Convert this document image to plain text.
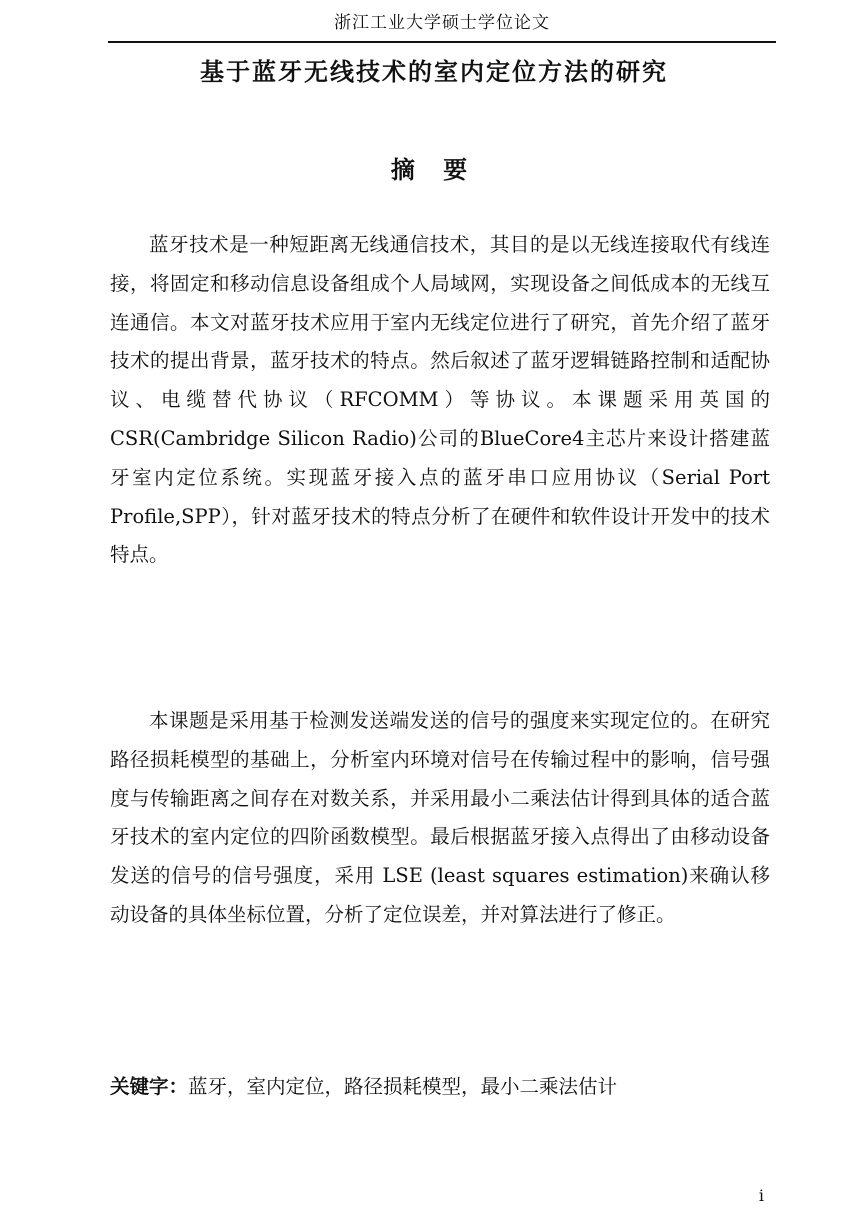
浙江工业大学硕士学位论文
基于蓝牙无线技术的室内定位方法的研究
摘 要

蓝牙技术是一种短距离无线通信技术，其目的是以无线连接取代有线连接，将固定和移动信息设备组成个人局域网，实现设备之间低成本的无线互连通信。本文对蓝牙技术应用于室内无线定位进行了研究，首先介绍了蓝牙技术的提出背景，蓝牙技术的特点。然后叙述了蓝牙逻辑链路控制和适配协议、电缆替代协议（RFCOMM）等协议。本课题采用英国的CSR(Cambridge Silicon Radio)公司的BlueCore4主芯片来设计搭建蓝牙室内定位系统。实现蓝牙接入点的蓝牙串口应用协议（Serial Port Profile,SPP），针对蓝牙技术的特点分析了在硬件和软件设计开发中的技术特点。

本课题是采用基于检测发送端发送的信号的强度来实现定位的。在研究路径损耗模型的基础上，分析室内环境对信号在传输过程中的影响，信号强度与传输距离之间存在对数关系，并采用最小二乘法估计得到具体的适合蓝牙技术的室内定位的四阶函数模型。最后根据蓝牙接入点得出了由移动设备发送的信号的信号强度，采用 LSE (least squares estimation)来确认移动设备的具体坐标位置，分析了定位误差，并对算法进行了修正。

关键字：蓝牙，室内定位，路径损耗模型，最小二乘法估计
i
